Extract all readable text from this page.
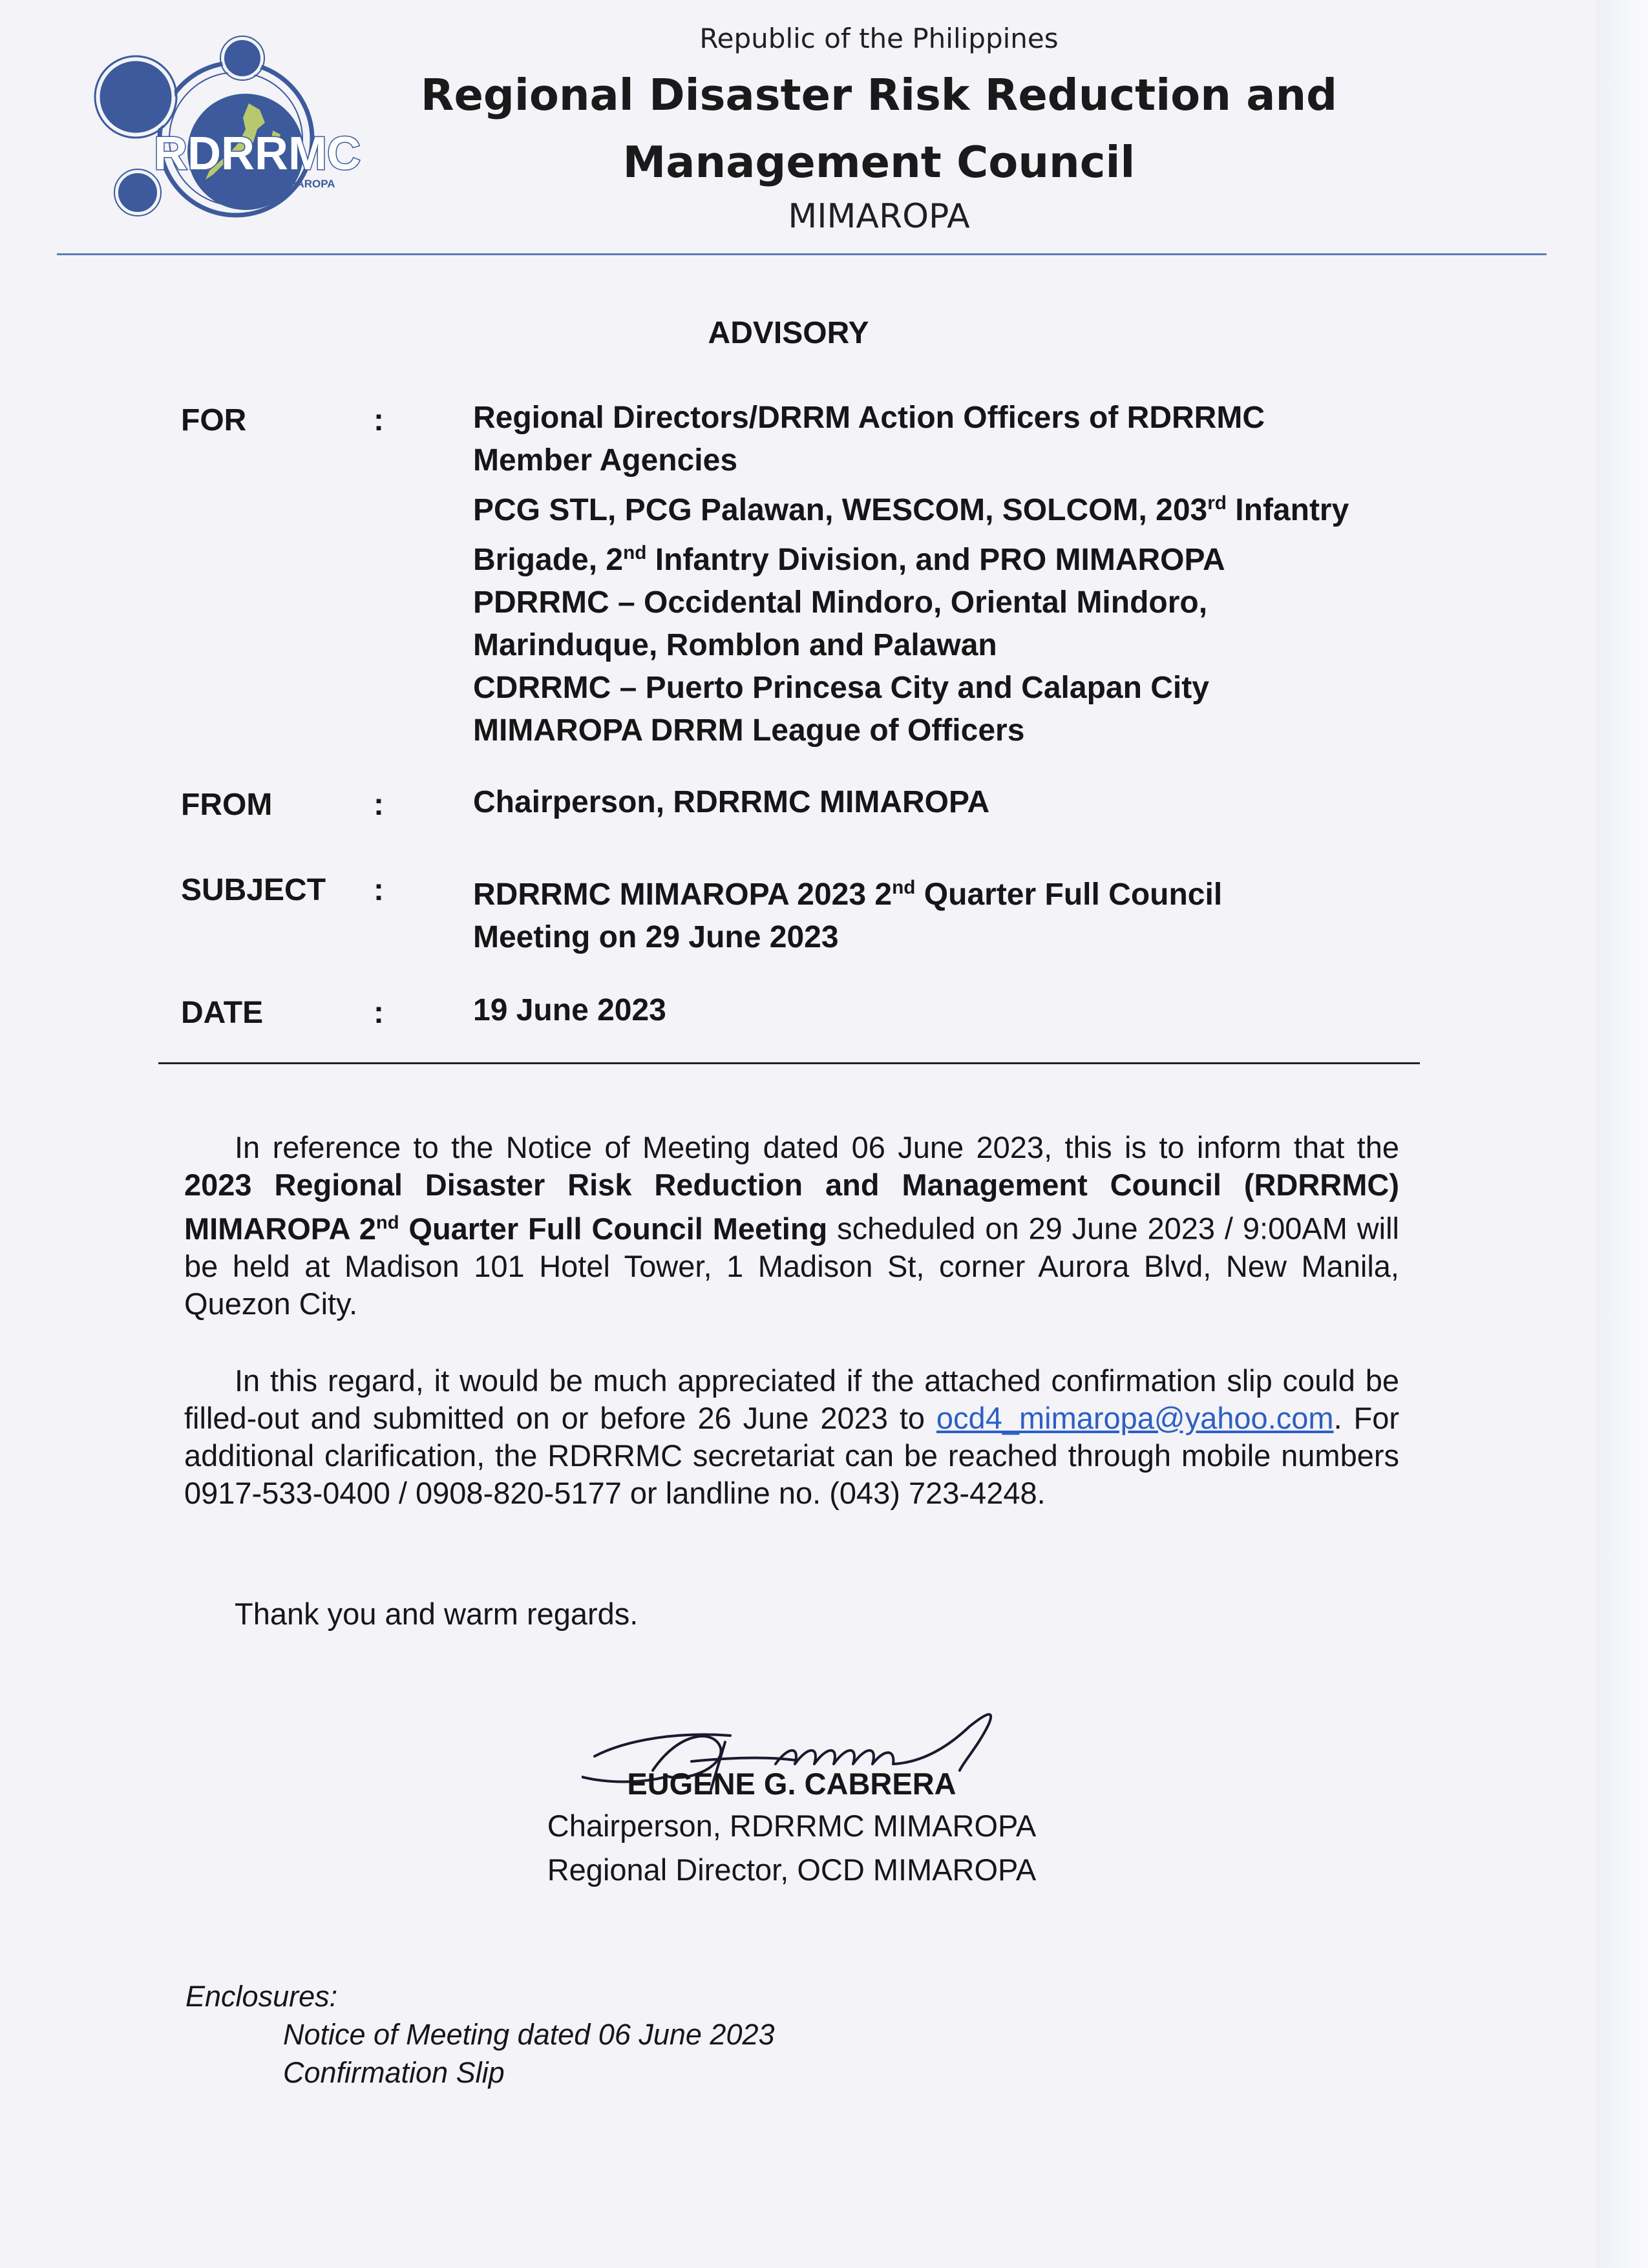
RDRRMC
MIMAROPA
Republic of the Philippines
Regional Disaster Risk Reduction and
Management Council
MIMAROPA
ADVISORY
FOR	:	Regional Directors/DRRM Action Officers of RDRRMC
Member Agencies
PCG STL, PCG Palawan, WESCOM, SOLCOM, 203rd Infantry
Brigade, 2nd Infantry Division, and PRO MIMAROPA
PDRRMC – Occidental Mindoro, Oriental Mindoro,
Marinduque, Romblon and Palawan
CDRRMC – Puerto Princesa City and Calapan City
MIMAROPA DRRM League of Officers
FROM	:	Chairperson, RDRRMC MIMAROPA
SUBJECT :	RDRRMC MIMAROPA 2023 2nd Quarter Full Council
Meeting on 29 June 2023
DATE	:	19 June 2023
In reference to the Notice of Meeting dated 06 June 2023, this is to inform that the 2023 Regional Disaster Risk Reduction and Management Council (RDRRMC) MIMAROPA 2nd Quarter Full Council Meeting scheduled on 29 June 2023 / 9:00AM will be held at Madison 101 Hotel Tower, 1 Madison St, corner Aurora Blvd, New Manila, Quezon City.
In this regard, it would be much appreciated if the attached confirmation slip could be filled-out and submitted on or before 26 June 2023 to ocd4_mimaropa@yahoo.com. For additional clarification, the RDRRMC secretariat can be reached through mobile numbers 0917-533-0400 / 0908-820-5177 or landline no. (043) 723-4248.
Thank you and warm regards.
EUGENE G. CABRERA
Chairperson, RDRRMC MIMAROPA
Regional Director, OCD MIMAROPA
Enclosures:
Notice of Meeting dated 06 June 2023
Confirmation Slip
